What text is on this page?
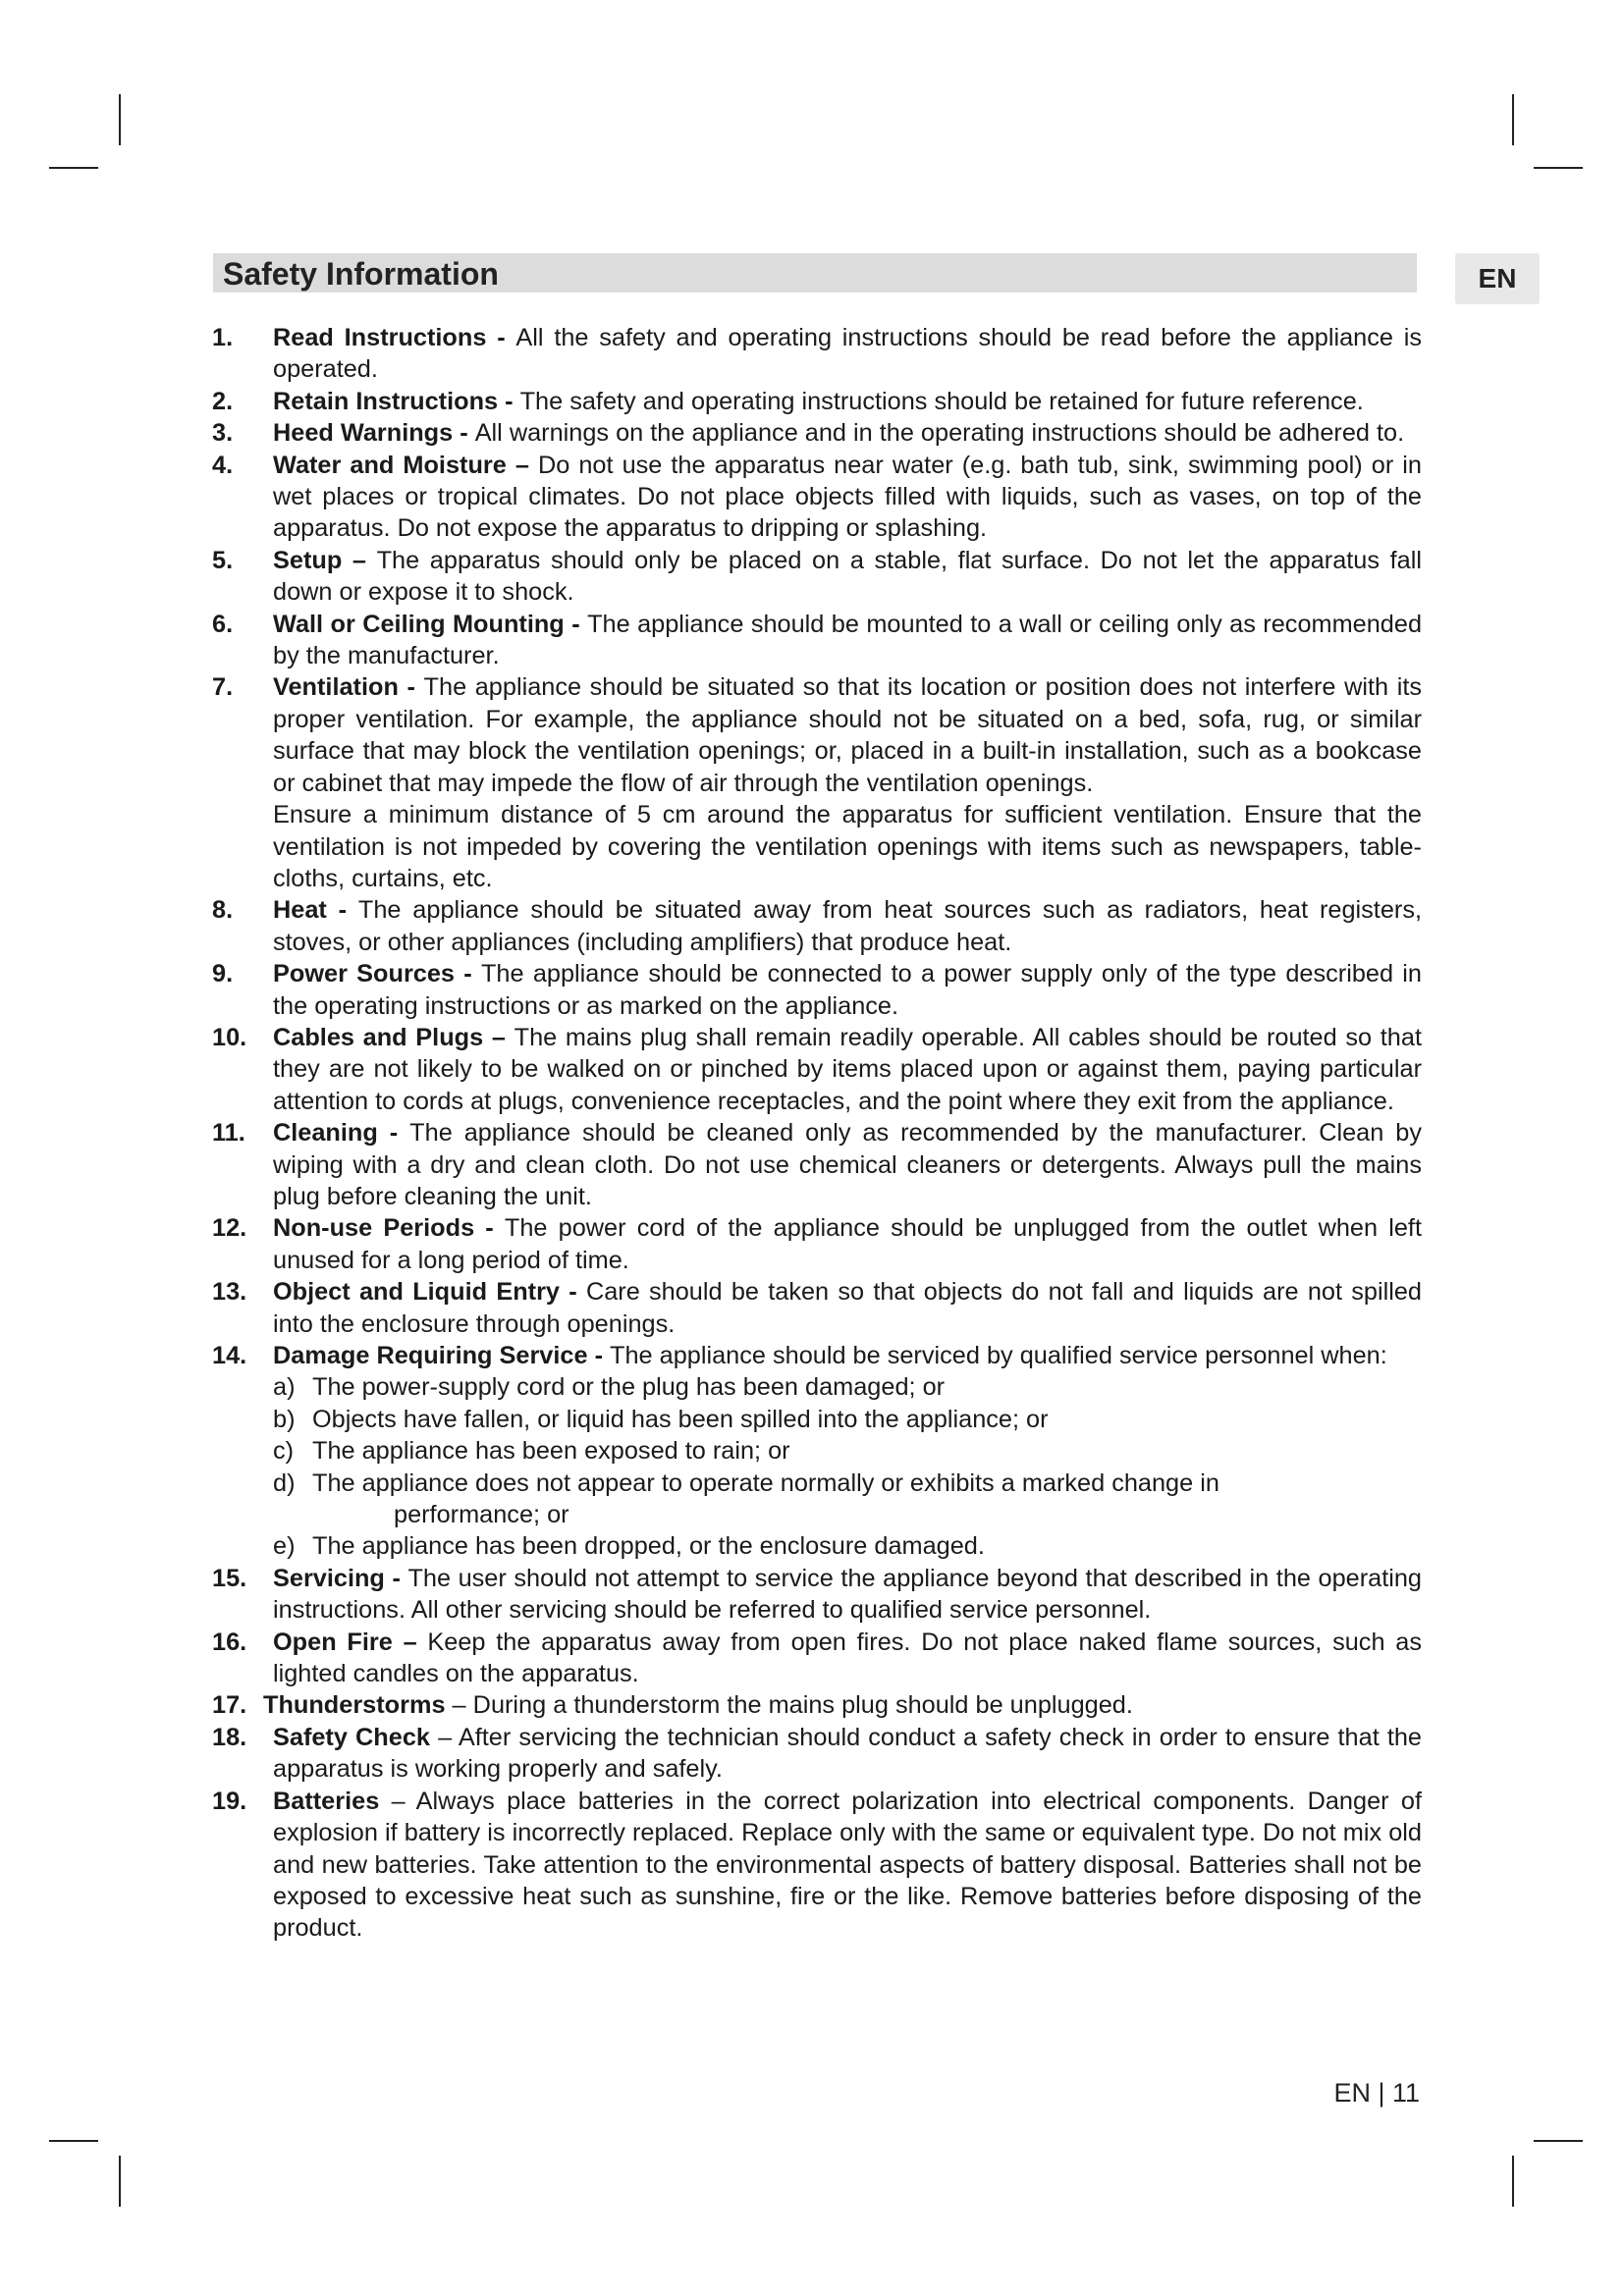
Safety Information	EN
1. Read Instructions - All the safety and operating instructions should be read before the appliance is operated.
2. Retain Instructions - The safety and operating instructions should be retained for future reference.
3. Heed Warnings - All warnings on the appliance and in the operating instructions should be adhered to.
4. Water and Moisture – Do not use the apparatus near water (e.g. bath tub, sink, swimming pool) or in wet places or tropical climates. Do not place objects filled with liquids, such as vases, on top of the apparatus. Do not expose the apparatus to dripping or splashing.
5. Setup – The apparatus should only be placed on a stable, flat surface. Do not let the apparatus fall down or expose it to shock.
6. Wall or Ceiling Mounting - The appliance should be mounted to a wall or ceiling only as recommended by the manufacturer.
7. Ventilation - The appliance should be situated so that its location or position does not interfere with its proper ventilation. For example, the appliance should not be situated on a bed, sofa, rug, or similar surface that may block the ventilation openings; or, placed in a built-in installation, such as a bookcase or cabinet that may impede the flow of air through the ventilation openings.
Ensure a minimum distance of 5 cm around the apparatus for sufficient ventilation. Ensure that the ventilation is not impeded by covering the ventilation openings with items such as newspapers, table-cloths, curtains, etc.
8. Heat - The appliance should be situated away from heat sources such as radiators, heat registers, stoves, or other appliances (including amplifiers) that produce heat.
9. Power Sources - The appliance should be connected to a power supply only of the type described in the operating instructions or as marked on the appliance.
10. Cables and Plugs – The mains plug shall remain readily operable. All cables should be routed so that they are not likely to be walked on or pinched by items placed upon or against them, paying particular attention to cords at plugs, convenience receptacles, and the point where they exit from the appliance.
11. Cleaning - The appliance should be cleaned only as recommended by the manufacturer. Clean by wiping with a dry and clean cloth. Do not use chemical cleaners or detergents. Always pull the mains plug before cleaning the unit.
12. Non-use Periods - The power cord of the appliance should be unplugged from the outlet when left unused for a long period of time.
13. Object and Liquid Entry - Care should be taken so that objects do not fall and liquids are not spilled into the enclosure through openings.
14. Damage Requiring Service - The appliance should be serviced by qualified service personnel when:
a) The power-supply cord or the plug has been damaged; or
b) Objects have fallen, or liquid has been spilled into the appliance; or
c) The appliance has been exposed to rain; or
d) The appliance does not appear to operate normally or exhibits a marked change in
performance; or
e) The appliance has been dropped, or the enclosure damaged.
15. Servicing - The user should not attempt to service the appliance beyond that described in the operating instructions. All other servicing should be referred to qualified service personnel.
16. Open Fire – Keep the apparatus away from open fires. Do not place naked flame sources, such as lighted candles on the apparatus.
17. Thunderstorms – During a thunderstorm the mains plug should be unplugged.
18. Safety Check – After servicing the technician should conduct a safety check in order to ensure that the apparatus is working properly and safely.
19. Batteries – Always place batteries in the correct polarization into electrical components. Danger of explosion if battery is incorrectly replaced. Replace only with the same or equivalent type. Do not mix old and new batteries. Take attention to the environmental aspects of battery disposal. Batteries shall not be exposed to excessive heat such as sunshine, fire or the like. Remove batteries before disposing of the product.
EN | 11
